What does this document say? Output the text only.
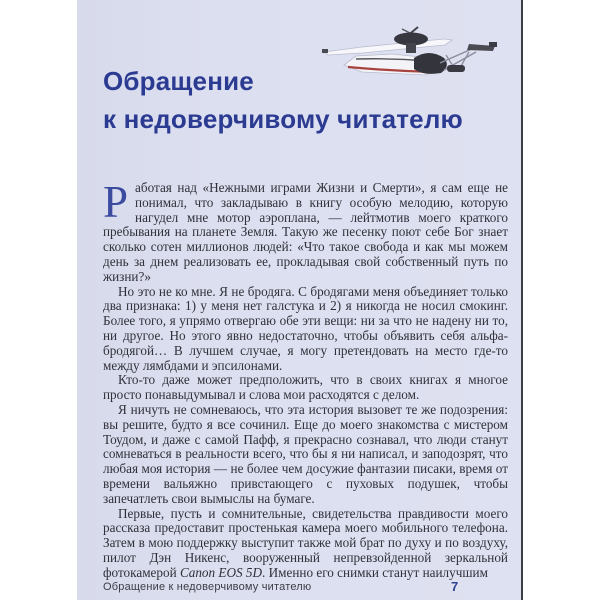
Обращение
к недоверчивому читателю

Работая над «Нежными играми Жизни и Смерти», я сам еще не понимал, что закладываю в книгу особую мелодию, которую нагудел мне мотор аэроплана, — лейтмотив моего краткого пребывания на планете Земля. Такую же песенку поют себе Бог знает сколько сотен миллионов людей: «Что такое свобода и как мы можем день за днем реализовать ее, прокладывая свой собственный путь по жизни?»

Но это не ко мне. Я не бродяга. С бродягами меня объединяет только два признака: 1) у меня нет галстука и 2) я никогда не носил смокинг. Более того, я упрямо отвергаю обе эти вещи: ни за что не надену ни то, ни другое. Но этого явно недостаточно, чтобы объявить себя альфа-бродягой… В лучшем случае, я могу претендовать на место где-то между лямбдами и эпсилонами.

Кто-то даже может предположить, что в своих книгах я многое просто понавыдумывал и слова мои расходятся с делом.

Я ничуть не сомневаюсь, что эта история вызовет те же подозрения: вы решите, будто я все сочинил. Еще до моего знакомства с мистером Тоудом, и даже с самой Пафф, я прекрасно сознавал, что люди станут сомневаться в реальности всего, что бы я ни написал, и заподозрят, что любая моя история — не более чем досужие фантазии писаки, время от времени вальяжно привстающего с пуховых подушек, чтобы запечатлеть свои вымыслы на бумаге.

Первые, пусть и сомнительные, свидетельства правдивости моего рассказа предоставит простенькая камера моего мобильного телефона. Затем в мою поддержку выступит также мой брат по духу и по воздуху, пилот Дэн Никенс, вооруженный непревзойденной зеркальной фотокамерой Canon EOS 5D. Именно его снимки станут наилучшим

Обращение к недоверчивому читателю	7
